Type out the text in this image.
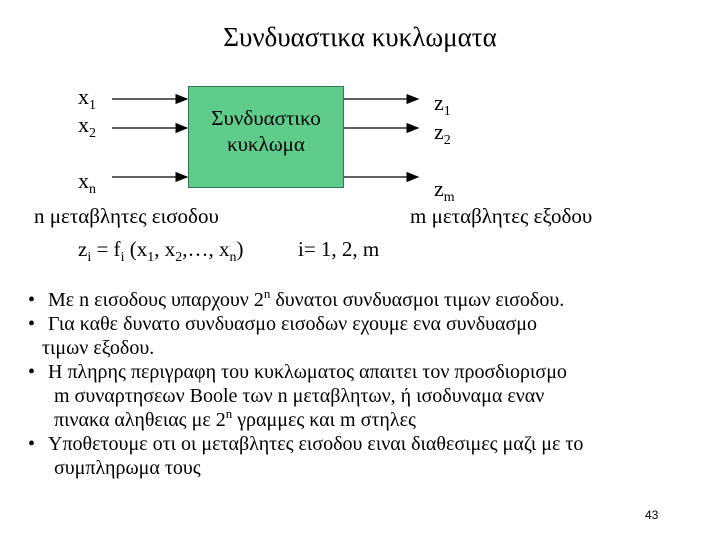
Συνδυαστικα κυκλωματα
Συνδυαστικο
κυκλωμα
$x_1$
$x_2$
$x_n$
$z_1$
$z_2$
$z_m$
n μεταβλητες εισοδου	m μεταβλητες εξοδου
$z_i = f_i$ ($x_1$, $x_2,\dots$, $x_n$)	i= 1, 2, m
• Με n εισοδους υπαρχουν 2$^n$ δυνατοι συνδυασμοι τιμων εισοδου.
• Για καθε δυνατο συνδυασμο εισοδων εχουμε ενα συνδυασμο
τιμων εξοδου.
• Η πληρης περιγραφη του κυκλωματος απαιτει τον προσδιορισμο
m συναρτησεων Boole των n μεταβλητων, ή ισοδυναμα εναν
πινακα αληθειας με 2$^n$ γραμμες και m στηλες
• Υποθετουμε οτι οι μεταβλητες εισοδου ειναι διαθεσιμες μαζι με το
συμπληρωμα τους
43
